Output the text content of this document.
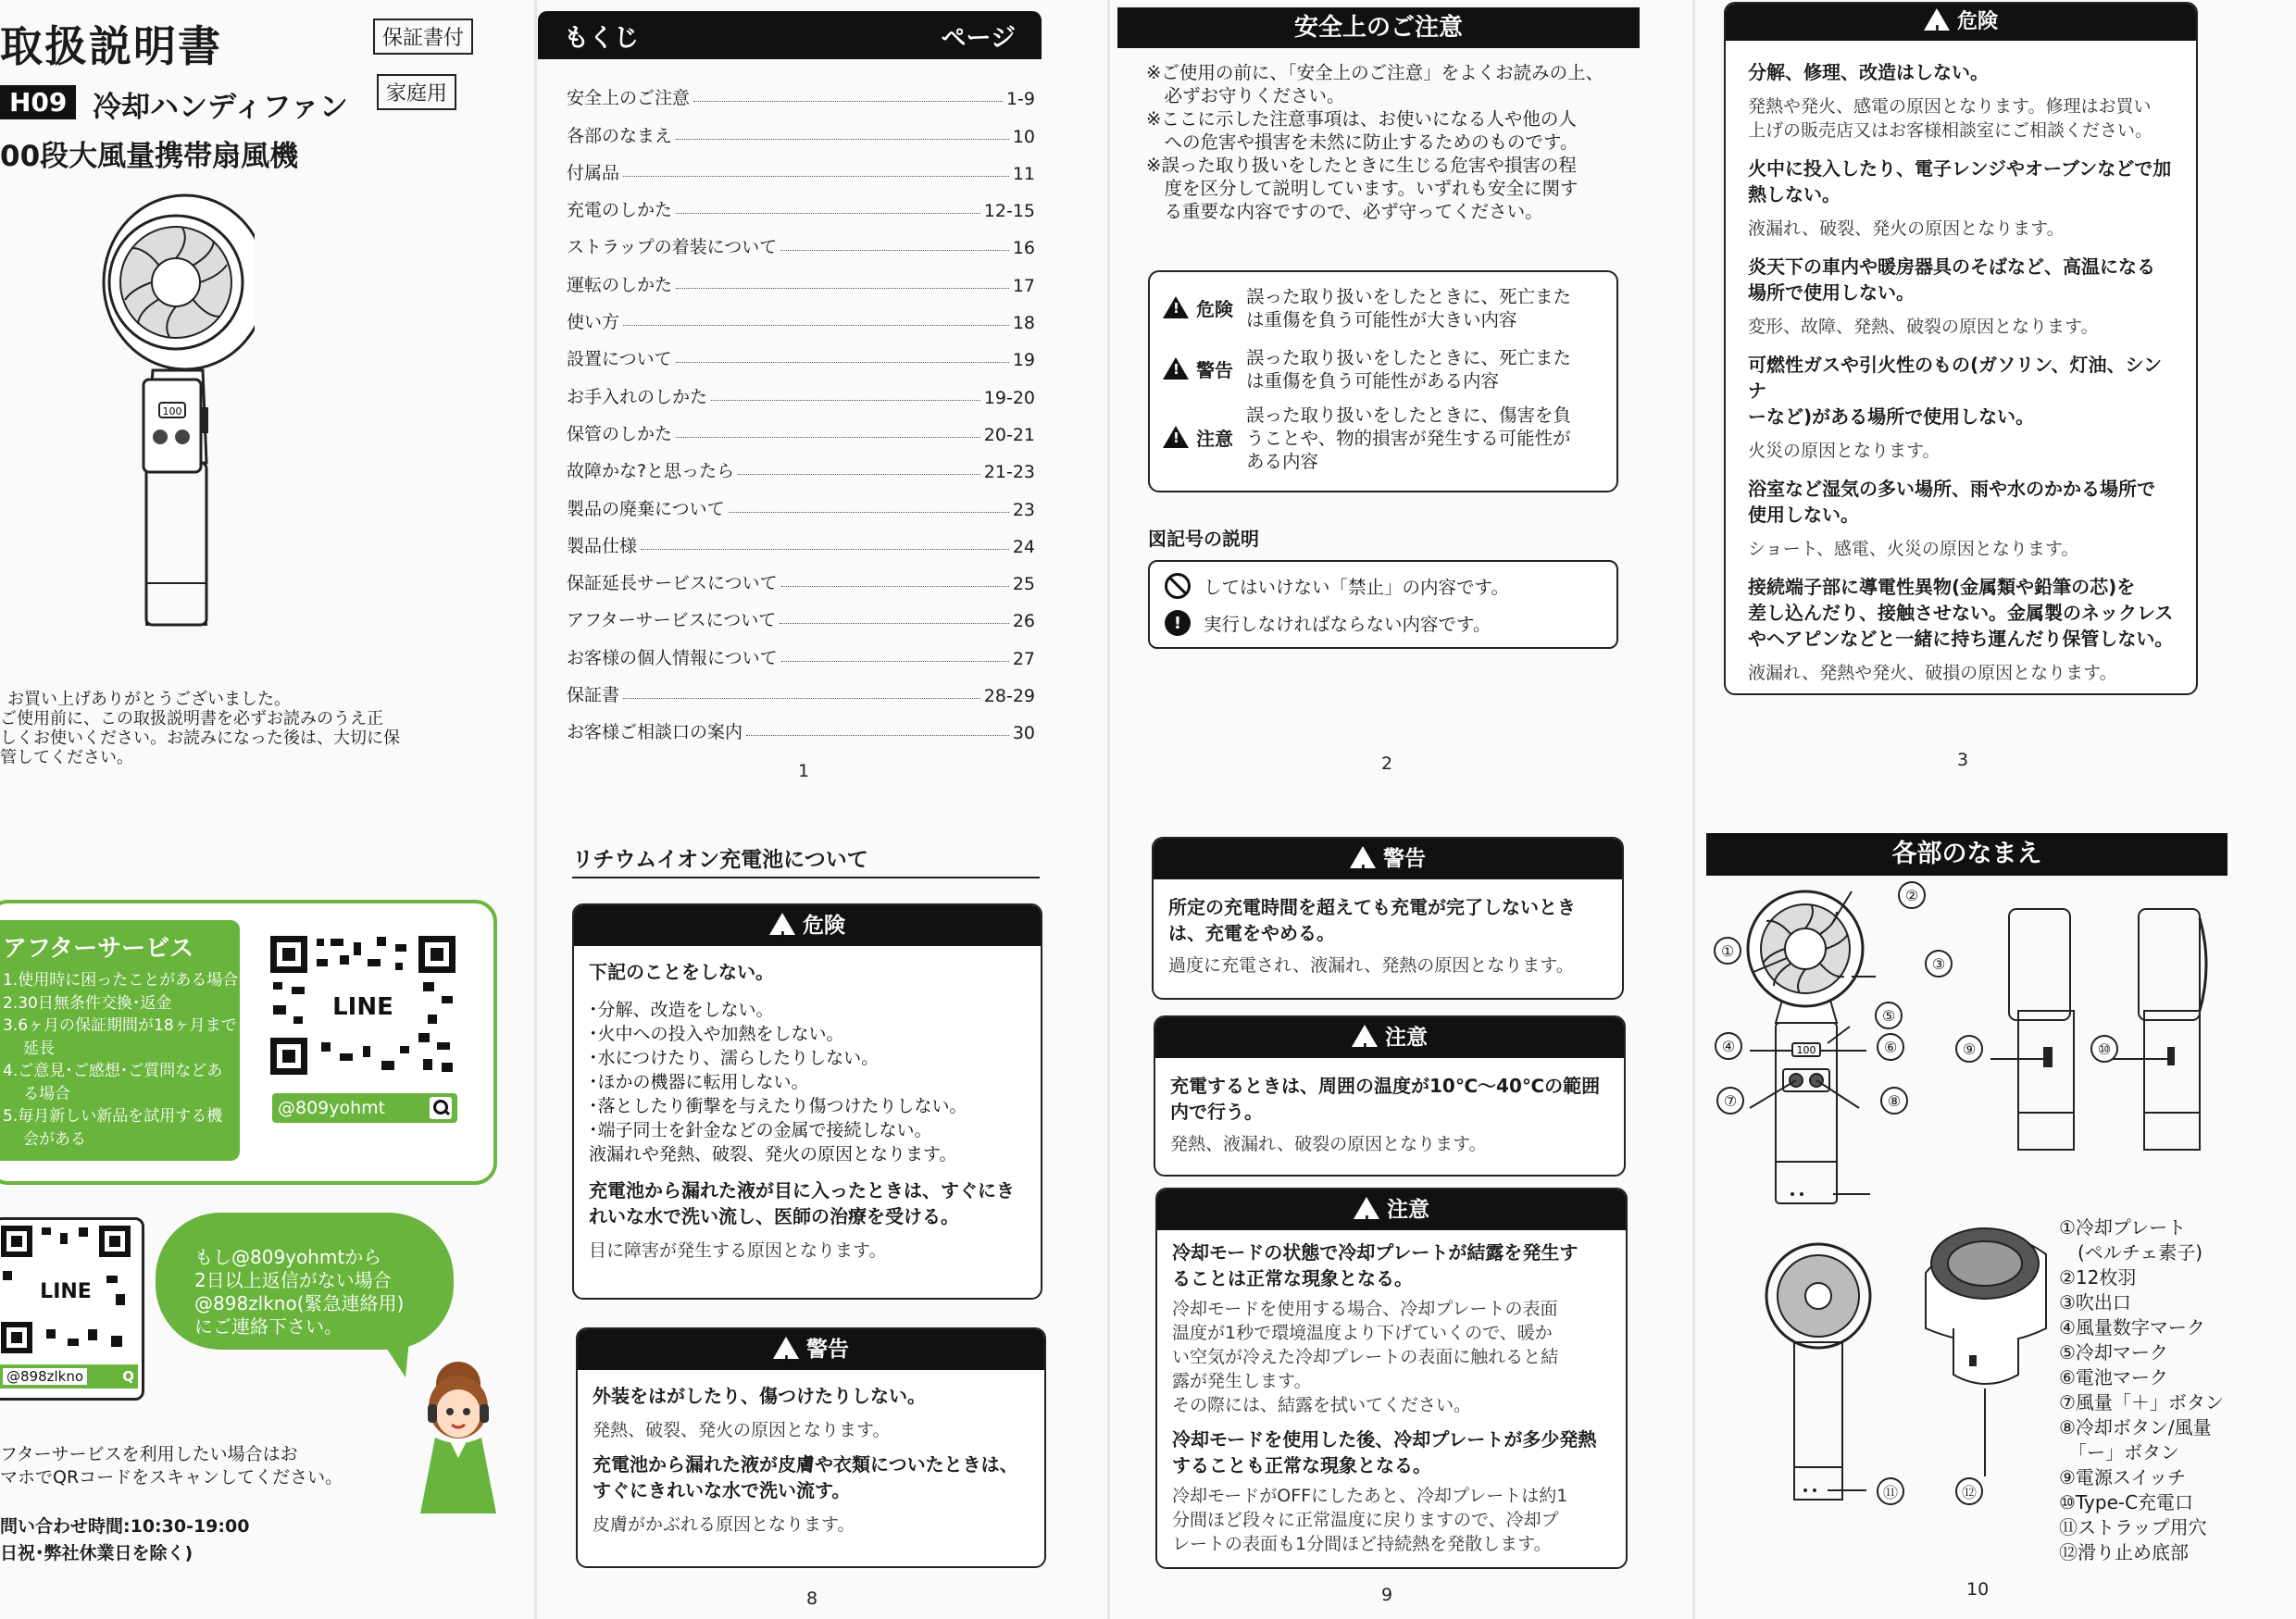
取扱説明書	保証書付
家庭用
H09 冷却ハンディファン
00段大風量携帯扇風機
100
お買い上げありがとうございました。
ご使用前に、この取扱説明書を必ずお読みのうえ正
しくお使いください。お読みになった後は、大切に保
管してください。
アフターサービス
1.使用時に困ったことがある場合
2.30日無条件交換･返金
3.6ヶ月の保証期間が18ヶ月まで
延長
4.ご意見･ご感想･ご質問などあ
る場合
5.毎月新しい新品を試用する機
会がある
LINE
@809yohmt
LINE
@898zlkno	Q
もし@809yohmtから
2日以上返信がない場合
@898zlkno(緊急連絡用)
にご連絡下さい。
フターサービスを利用したい場合はお
マホでQRコードをスキャンしてください。
問い合わせ時間:10:30-19:00
日祝･弊社休業日を除く)
もくじ	ページ
安全上のご注意	1-9
各部のなまえ	10
付属品	11
充電のしかた	12-15
ストラップの着装について	16
運転のしかた	17
使い方	18
設置について	19
お手入れのしかた	19-20
保管のしかた	20-21
故障かな?と思ったら	21-23
製品の廃棄について	23
製品仕様	24
保証延長サービスについて	25
アフターサービスについて	26
お客様の個人情報について	27
保証書	28-29
お客様ご相談口の案内	30
1
安全上のご注意
※ご使用の前に、「安全上のご注意」をよくお読みの上、
　必ずお守りください。
※ここに示した注意事項は、お使いになる人や他の人
　への危害や損害を未然に防止するためのものです。
※誤った取り扱いをしたときに生じる危害や損害の程
　度を区分して説明しています。いずれも安全に関す
　る重要な内容ですので、必ず守ってください。
!危険
誤った取り扱いをしたときに、死亡また
は重傷を負う可能性が大きい内容
!警告
誤った取り扱いをしたときに、死亡また
は重傷を負う可能性がある内容
!注意
誤った取り扱いをしたときに、傷害を負
うことや、物的損害が発生する可能性が
ある内容
図記号の説明
してはいけない「禁止」の内容です。
!	実行しなければならない内容です。
2
!危険

分解、修理、改造はしない。

発熱や発火、感電の原因となります。修理はお買い

上げの販売店又はお客様相談室にご相談ください。

火中に投入したり、電子レンジやオーブンなどで加

熱しない。

液漏れ、破裂、発火の原因となります。

炎天下の車内や暖房器具のそばなど、高温になる

場所で使用しない。

変形、故障、発熱、破裂の原因となります。

可燃性ガスや引火性のもの(ガソリン、灯油、シンナ

ーなど)がある場所で使用しない。

火災の原因となります。

浴室など湿気の多い場所、雨や水のかかる場所で

使用しない。

ショート、感電、火災の原因となります。

接続端子部に導電性異物(金属類や鉛筆の芯)を

差し込んだり、接触させない。金属製のネックレス

やヘアピンなどと一緒に持ち運んだり保管しない。

液漏れ、発熱や発火、破損の原因となります。

3
リチウムイオン充電池について
!危険

下記のことをしない。

･分解、改造をしない。

･火中への投入や加熱をしない。

･水につけたり、濡らしたりしない。

･ほかの機器に転用しない。

･落としたり衝撃を与えたり傷つけたりしない。

･端子同士を針金などの金属で接続しない。

液漏れや発熱、破裂、発火の原因となります。

充電池から漏れた液が目に入ったときは、すぐにき

れいな水で洗い流し、医師の治療を受ける。

目に障害が発生する原因となります。

!警告

外装をはがしたり、傷つけたりしない。

発熱、破裂、発火の原因となります。

充電池から漏れた液が皮膚や衣類についたときは、

すぐにきれいな水で洗い流す。

皮膚がかぶれる原因となります。

8
!警告

所定の充電時間を超えても充電が完了しないとき

は、充電をやめる。

過度に充電され、液漏れ、発熱の原因となります。

!注意

充電するときは、周囲の温度が10℃～40℃の範囲

内で行う。

発熱、液漏れ、破裂の原因となります。

!注意

冷却モードの状態で冷却プレートが結露を発生す

ることは正常な現象となる。

冷却モードを使用する場合、冷却プレートの表面

温度が1秒で環境温度より下げていくので、暖か

い空気が冷えた冷却プレートの表面に触れると結

露が発生します。

その際には、結露を拭いてください。

冷却モードを使用した後、冷却プレートが多少発熱

することも正常な現象となる。

冷却モードがOFFにしたあと、冷却プレートは約1

分間ほど段々に正常温度に戻りますので、冷却プ

レートの表面も1分間ほど持続熱を発散します。

9
各部のなまえ
100
①
②
③
④
⑤
⑥
⑦	⑧
⑨	⑩
⑪	⑫
①冷却プレート
　(ペルチェ素子)
②12枚羽
③吹出口
④風量数字マーク
⑤冷却マーク
⑥電池マーク
⑦風量「＋」ボタン
⑧冷却ボタン/風量
　「ー」ボタン
⑨電源スイッチ
⑩Type-C充電口
⑪ストラップ用穴
⑫滑り止め底部
10
